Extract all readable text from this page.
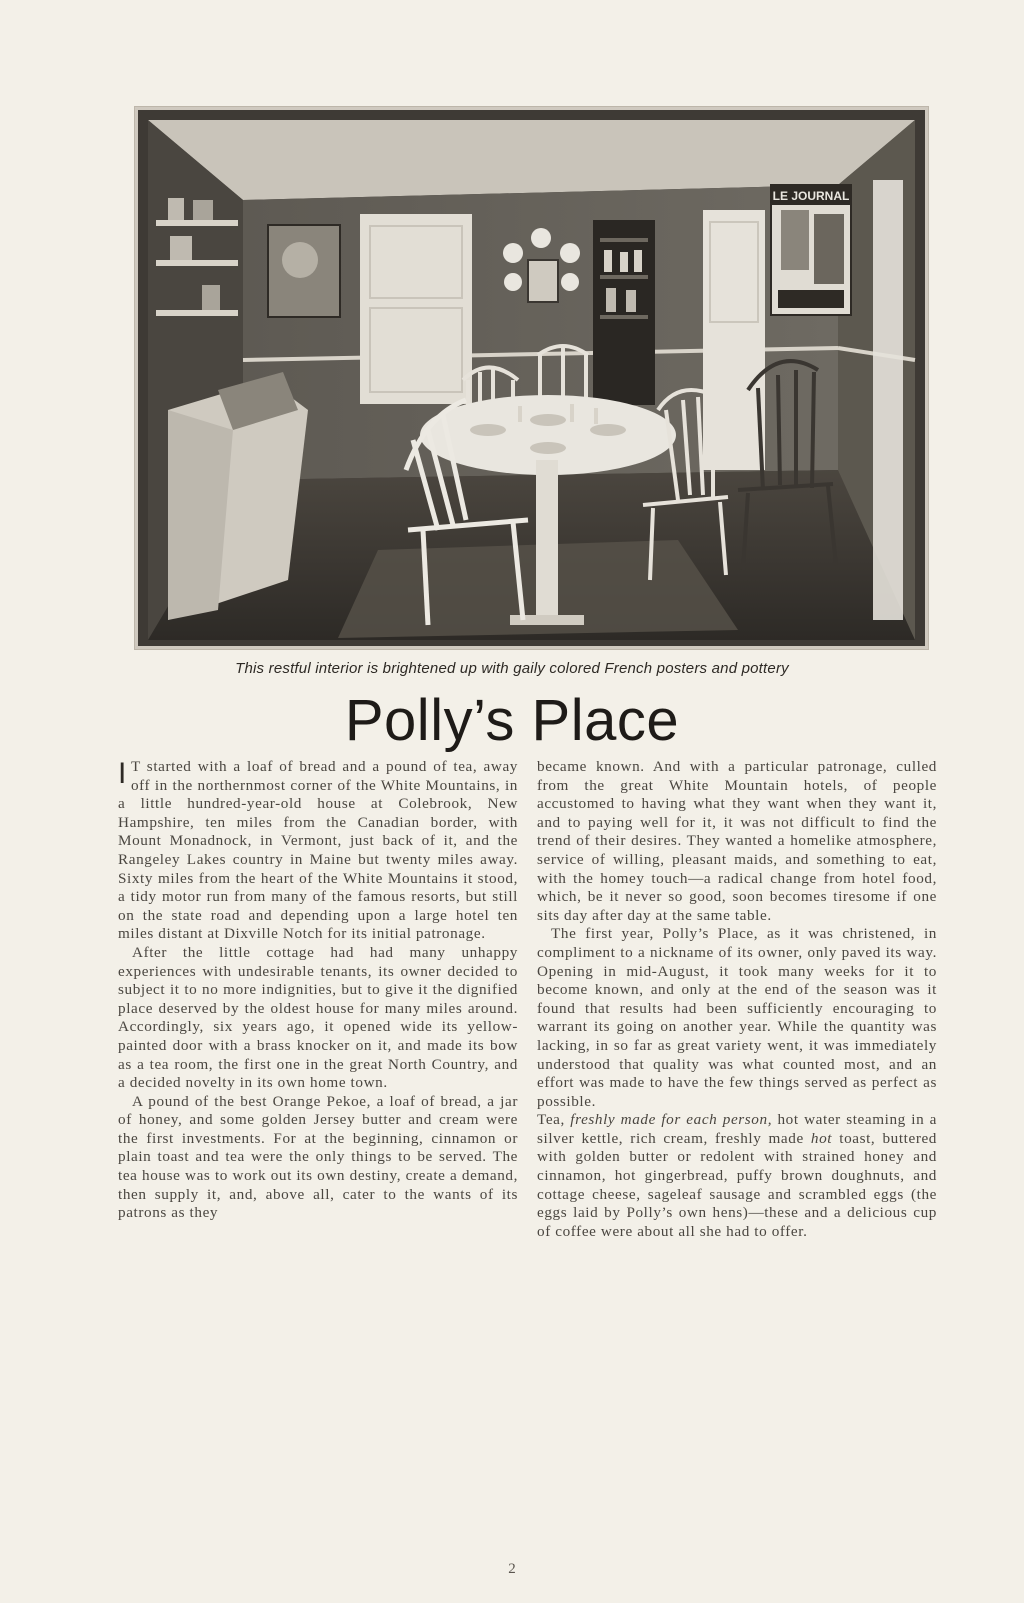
LE JOURNAL
This restful interior is brightened up with gaily colored French posters and pottery
Polly’s Place

I T started with a loaf of bread and a pound of tea, away off in the northernmost corner of the White Mountains, in a little hundred-year-old house at Colebrook, New Hampshire, ten miles from the Canadian border, with Mount Monadnock, in Vermont, just back of it, and the Rangeley Lakes country in Maine but twenty miles away. Sixty miles from the heart of the White Mountains it stood, a tidy motor run from many of the famous resorts, but still on the state road and depending upon a large hotel ten miles distant at Dixville Notch for its initial patronage.

After the little cottage had had many unhappy experiences with undesirable tenants, its owner decided to subject it to no more indignities, but to give it the dignified place deserved by the oldest house for many miles around. Accordingly, six years ago, it opened wide its yellow-painted door with a brass knocker on it, and made its bow as a tea room, the first one in the great North Country, and a decided novelty in its own home town.

A pound of the best Orange Pekoe, a loaf of bread, a jar of honey, and some golden Jersey butter and cream were the first investments. For at the beginning, cinnamon or plain toast and tea were the only things to be served. The tea house was to work out its own destiny, create a demand, then supply it, and, above all, cater to the wants of its patrons as they

became known. And with a particular patronage, culled from the great White Mountain hotels, of people accustomed to having what they want when they want it, and to paying well for it, it was not difficult to find the trend of their desires. They wanted a homelike atmosphere, service of willing, pleasant maids, and something to eat, with the homey touch—a radical change from hotel food, which, be it never so good, soon becomes tiresome if one sits day after day at the same table.

The first year, Polly’s Place, as it was christened, in compliment to a nickname of its owner, only paved its way. Opening in mid-August, it took many weeks for it to become known, and only at the end of the season was it found that results had been sufficiently encouraging to warrant its going on another year. While the quantity was lacking, in so far as great variety went, it was immediately understood that quality was what counted most, and an effort was made to have the few things served as perfect as possible.

Tea, freshly made for each person, hot water steaming in a silver kettle, rich cream, freshly made hot toast, buttered with golden butter or redolent with strained honey and cinnamon, hot gingerbread, puffy brown doughnuts, and cottage cheese, sageleaf sausage and scrambled eggs (the eggs laid by Polly’s own hens)—these and a delicious cup of coffee were about all she had to offer.

2
